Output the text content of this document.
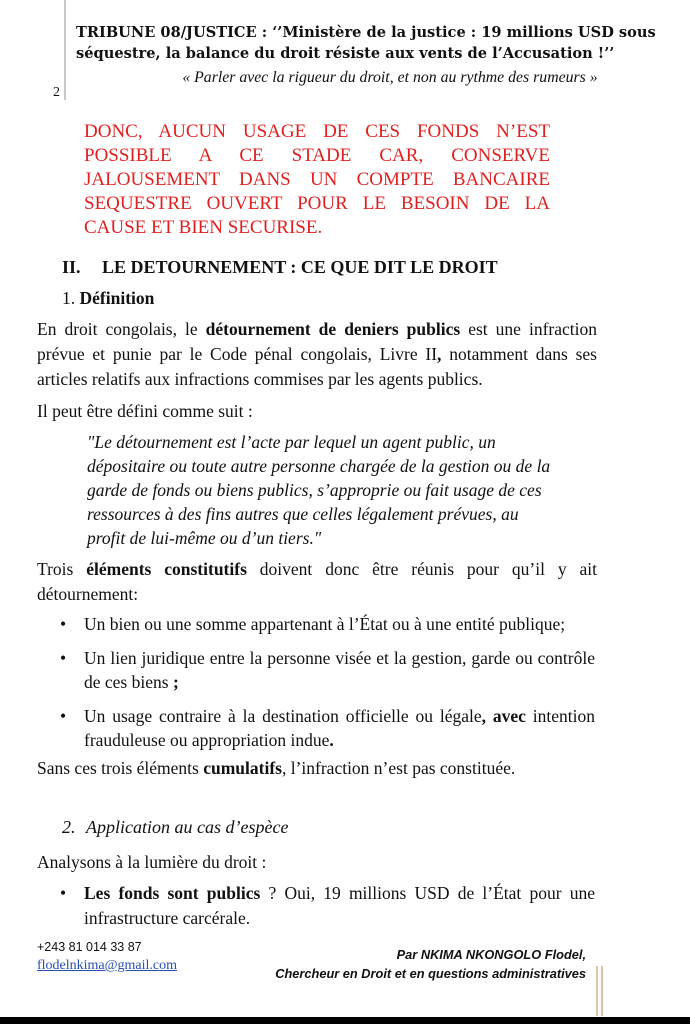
TRIBUNE 08/JUSTICE : ‘’Ministère de la justice : 19 millions USD sous
séquestre, la balance du droit résiste aux vents de l’Accusation !’’
« Parler avec la rigueur du droit, et non au rythme des rumeurs »
2
DONC, AUCUN USAGE DE CES FONDS N’EST POSSIBLE A CE STADE CAR, CONSERVE JALOUSEMENT DANS UN COMPTE BANCAIRE SEQUESTRE OUVERT POUR LE BESOIN DE LA CAUSE ET BIEN SECURISE.
II. LE DETOURNEMENT : CE QUE DIT LE DROIT
1. Définition
En droit congolais, le détournement de deniers publics est une infraction prévue et punie par le Code pénal congolais, Livre II, notamment dans ses articles relatifs aux infractions commises par les agents publics.
Il peut être défini comme suit :
"Le détournement est l’acte par lequel un agent public, un dépositaire ou toute autre personne chargée de la gestion ou de la garde de fonds ou biens publics, s’approprie ou fait usage de ces ressources à des fins autres que celles légalement prévues, au profit de lui-même ou d’un tiers."
Trois éléments constitutifs doivent donc être réunis pour qu’il y ait détournement:
• Un bien ou une somme appartenant à l’État ou à une entité publique;
• Un lien juridique entre la personne visée et la gestion, garde ou contrôle de ces biens ;
• Un usage contraire à la destination officielle ou légale, avec intention frauduleuse ou appropriation indue.
Sans ces trois éléments cumulatifs, l’infraction n’est pas constituée.
2. Application au cas d’espèce
Analysons à la lumière du droit :
• Les fonds sont publics ? Oui, 19 millions USD de l’État pour une infrastructure carcérale.
+243 81 014 33 87
flodelnkima@gmail.com
Par NKIMA NKONGOLO Flodel,
Chercheur en Droit et en questions administratives
